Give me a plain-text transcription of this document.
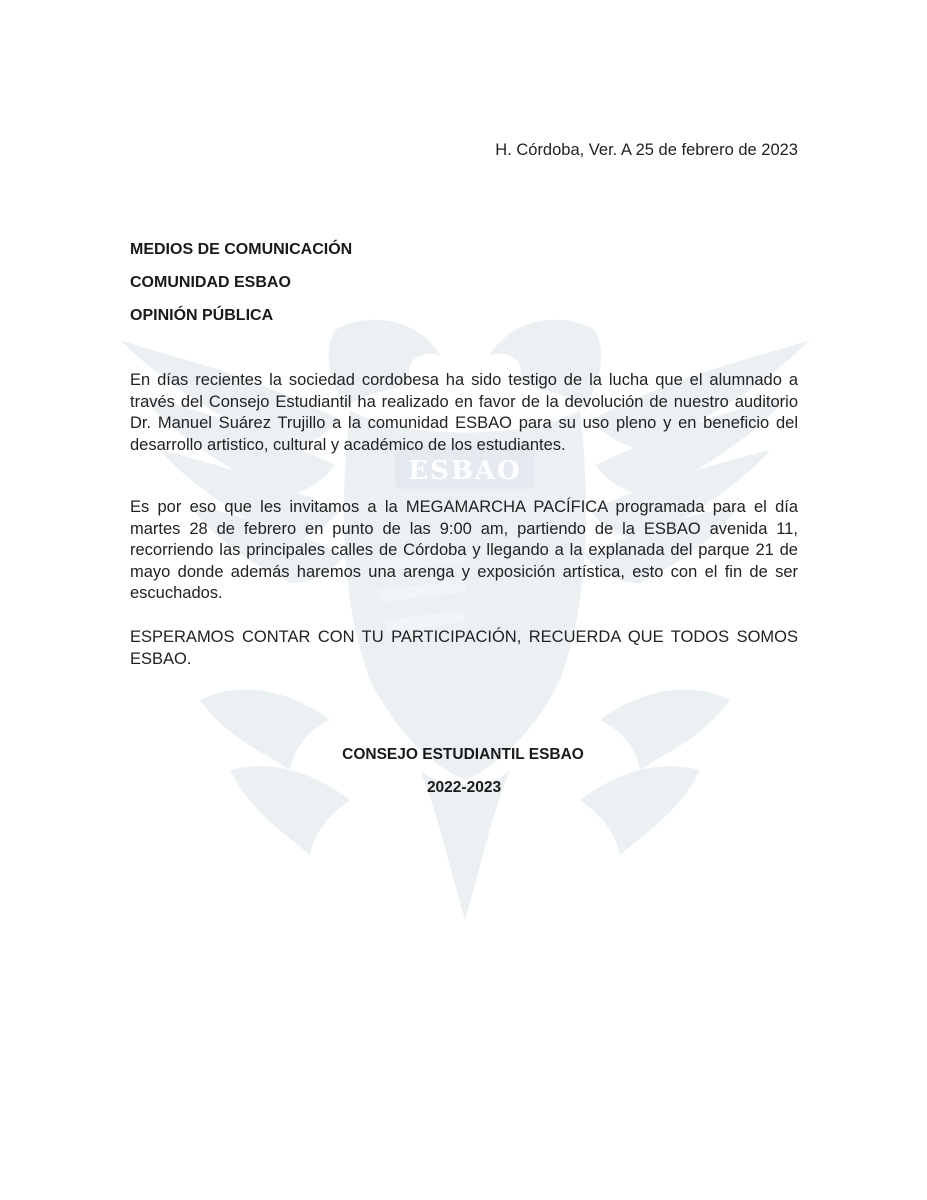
ESBAO
H. Córdoba, Ver. A 25 de febrero de 2023
MEDIOS DE COMUNICACIÓN
COMUNIDAD ESBAO
OPINIÓN PÚBLICA
En días recientes la sociedad cordobesa ha sido testigo de la lucha que el alumnado a través del Consejo Estudiantil ha realizado en favor de la devolución de nuestro auditorio Dr. Manuel Suárez Trujillo a la comunidad ESBAO para su uso pleno y en beneficio del desarrollo artistico, cultural y académico de los estudiantes.
Es por eso que les invitamos a la MEGAMARCHA PACÍFICA programada para el día martes 28 de febrero en punto de las 9:00 am, partiendo de la ESBAO avenida 11, recorriendo las principales calles de Córdoba y llegando a la explanada del parque 21 de mayo donde además haremos una arenga y exposición artística, esto con el fin de ser escuchados.
ESPERAMOS CONTAR CON TU PARTICIPACIÓN, RECUERDA QUE TODOS SOMOS ESBAO.
CONSEJO ESTUDIANTIL ESBAO
2022-2023
